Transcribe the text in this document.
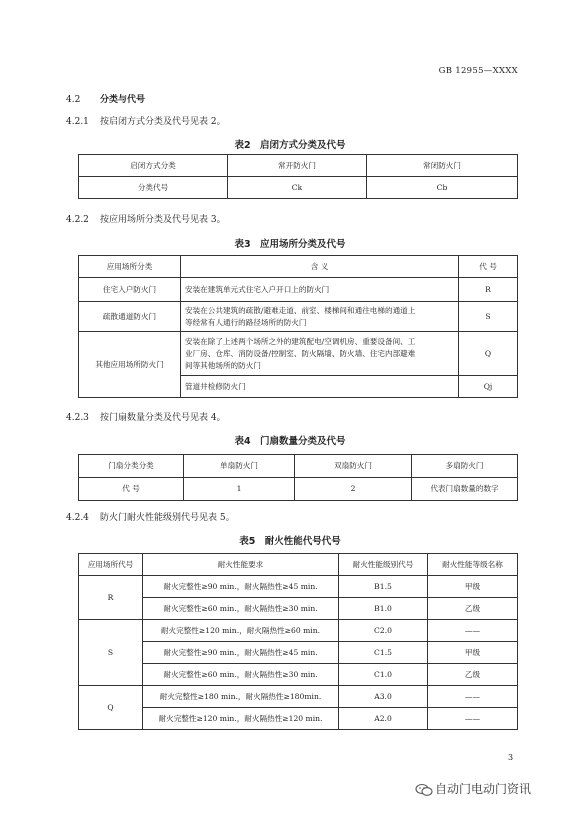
GB 12955—XXXX
4.2 分类与代号
4.2.1 按启闭方式分类及代号见表 2。
表2　启闭方式分类及代号
启闭方式分类	常开防火门	常闭防火门
分类代号	Ck	Cb
4.2.2 按应用场所分类及代号见表 3。
表3　应用场所分类及代号
应用场所分类	含 义	代 号
住宅入户防火门	安装在建筑单元式住宅入户开口上的防火门	R
疏散通道防火门	安装在公共建筑的疏散/避难走道、前室、楼梯间和通往电梯的通道上
等经常有人通行的路径场所的防火门	S
其他应用场所防火门	安装在除了上述两个场所之外的建筑配电/空调机房、重要设备间、工
业厂房、仓库、消防设备/控制室、防火隔墙、防火墙、住宅内部避难
间等其他场所的防火门	Q
	管道井检修防火门	Qj
4.2.3 按门扇数量分类及代号见表 4。
表4　门扇数量分类及代号
门扇分类分类	单扇防火门	双扇防火门	多扇防火门
代 号	1	2	代表门扇数量的数字
4.2.4 防火门耐火性能级别代号见表 5。
表5　耐火性能代号代号
应用场所代号	耐火性能要求	耐火性能级别代号	耐火性能等级名称
R	耐火完整性≥90 min.，耐火隔热性≥45 min.	B1.5	甲级
	耐火完整性≥60 min.，耐火隔热性≥30 min.	B1.0	乙级
S	耐火完整性≥120 min.，耐火隔热性≥60 min.	C2.0	——
	耐火完整性≥90 min.，耐火隔热性≥45 min.	C1.5	甲级
	耐火完整性≥60 min.，耐火隔热性≥30 min.	C1.0	乙级
Q	耐火完整性≥180 min.，耐火隔热性≥180min.	A3.0	——
	耐火完整性≥120 min.，耐火隔热性≥120 min.	A2.0	——
3
自动门电动门资讯
